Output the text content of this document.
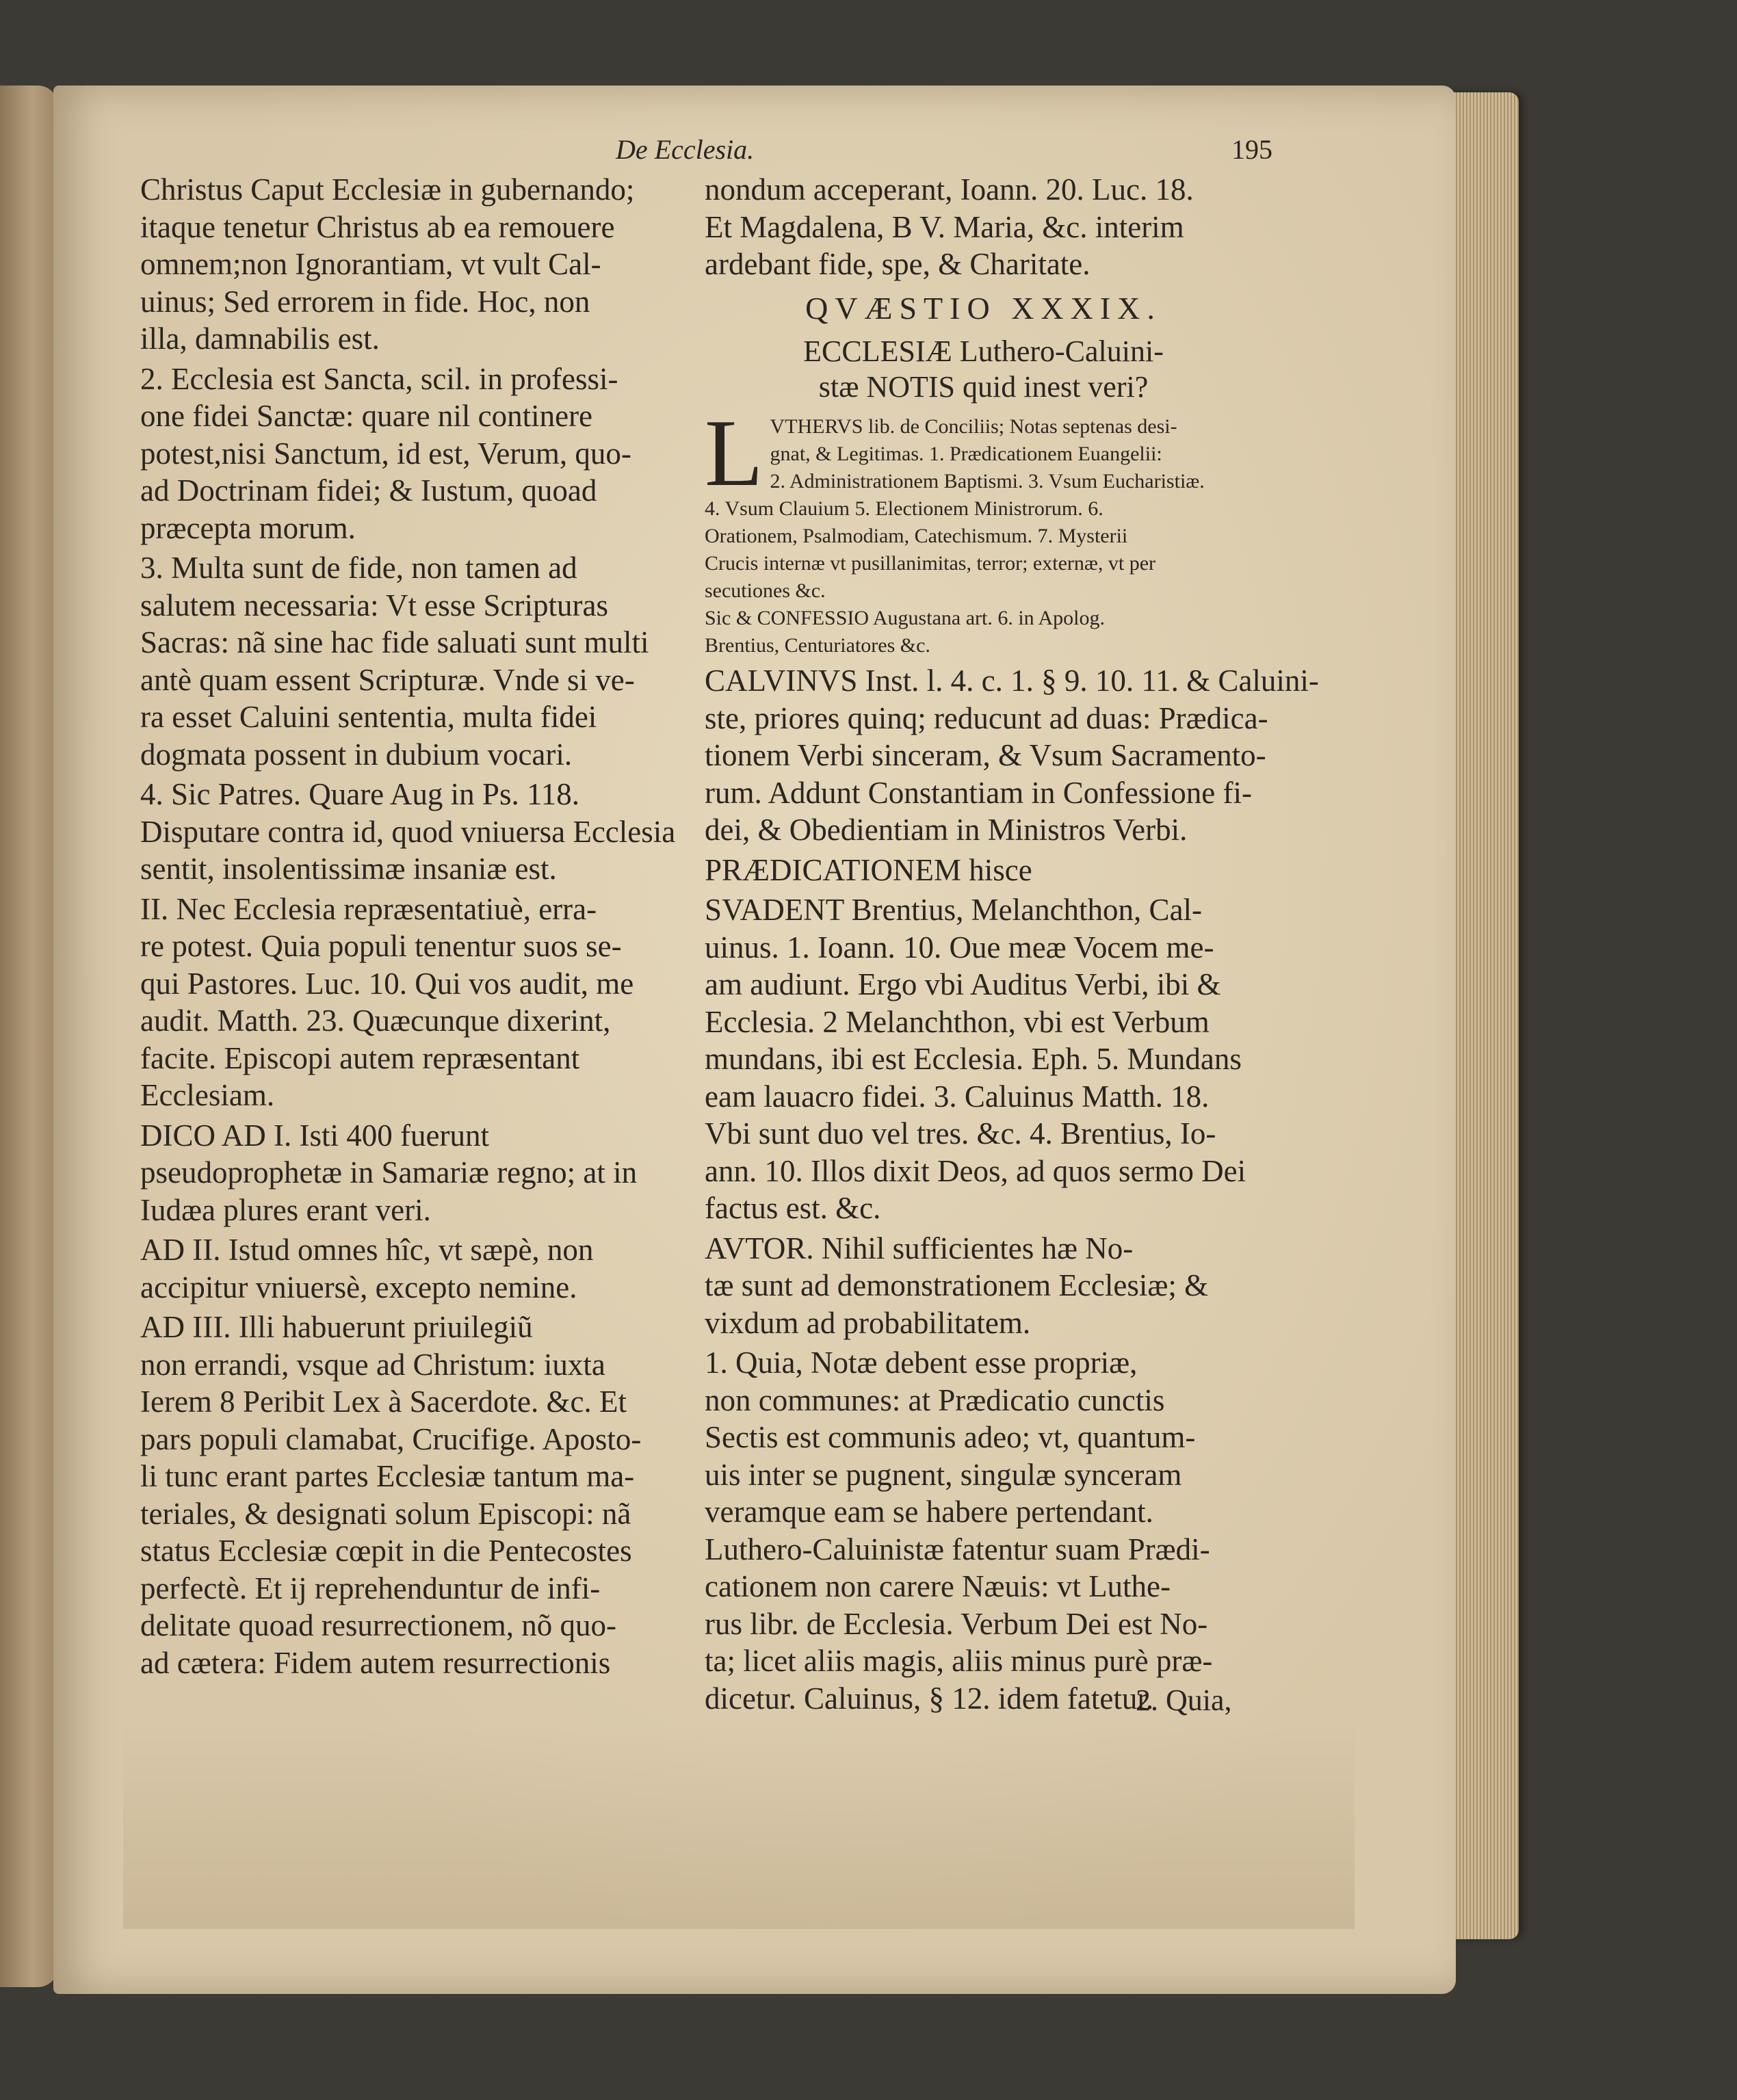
De Ecclesia.	195
Christus Caput Ecclesiæ in gubernando;
itaque tenetur Christus ab ea remouere
omnem;non Ignorantiam, vt vult Cal-
uinus; Sed errorem in fide. Hoc, non
illa, damnabilis est.
2. Ecclesia est Sancta, scil. in professi-
one fidei Sanctæ: quare nil continere
potest,nisi Sanctum, id est, Verum, quo-
ad Doctrinam fidei; & Iustum, quoad
præcepta morum.
3. Multa sunt de fide, non tamen ad
salutem necessaria: Vt esse Scripturas
Sacras: nã sine hac fide saluati sunt multi
antè quam essent Scripturæ. Vnde si ve-
ra esset Caluini sententia, multa fidei
dogmata possent in dubium vocari.
4. Sic Patres. Quare Aug in Ps. 118.
Disputare contra id, quod vniuersa Ecclesia
sentit, insolentissimæ insaniæ est.
II. Nec Ecclesia repræsentatiuè, erra-
re potest. Quia populi tenentur suos se-
qui Pastores. Luc. 10. Qui vos audit, me
audit. Matth. 23. Quæcunque dixerint,
facite. Episcopi autem repræsentant
Ecclesiam.
DICO AD I. Isti 400 fuerunt
pseudoprophetæ in Samariæ regno; at in
Iudæa plures erant veri.
AD II. Istud omnes hîc, vt sæpè, non
accipitur vniuersè, excepto nemine.
AD III. Illi habuerunt priuilegiũ
non errandi, vsque ad Christum: iuxta
Ierem 8 Peribit Lex à Sacerdote. &c. Et
pars populi clamabat, Crucifige. Aposto-
li tunc erant partes Ecclesiæ tantum ma-
teriales, & designati solum Episcopi: nã
status Ecclesiæ cœpit in die Pentecostes
perfectè. Et ij reprehenduntur de infi-
delitate quoad resurrectionem, nõ quo-
ad cætera: Fidem autem resurrectionis
nondum acceperant, Ioann. 20. Luc. 18.
Et Magdalena, B V. Maria, &c. interim
ardebant fide, spe, & Charitate.
QVÆSTIO XXXIX.
ECCLESIÆ Luthero-Caluini-
stæ NOTIS quid inest veri?
L VTHERVS lib. de Conciliis; Notas septenas desi-
gnat, & Legitimas. 1. Prædicationem Euangelii:
2. Administrationem Baptismi. 3. Vsum Eucharistiæ.
4. Vsum Clauium 5. Electionem Ministrorum. 6.
Orationem, Psalmodiam, Catechismum. 7. Mysterii
Crucis internæ vt pusillanimitas, terror; externæ, vt per
secutiones &c.
Sic & CONFESSIO Augustana art. 6. in Apolog.
Brentius, Centuriatores &c.
CALVINVS Inst. l. 4. c. 1. § 9. 10. 11. & Caluini-
ste, priores quinq; reducunt ad duas: Prædica-
tionem Verbi sinceram, & Vsum Sacramento-
rum. Addunt Constantiam in Confessione fi-
dei, & Obedientiam in Ministros Verbi.
PRÆDICATIONEM hisce
SVADENT Brentius, Melanchthon, Cal-
uinus. 1. Ioann. 10. Oue meæ Vocem me-
am audiunt. Ergo vbi Auditus Verbi, ibi &
Ecclesia. 2 Melanchthon, vbi est Verbum
mundans, ibi est Ecclesia. Eph. 5. Mundans
eam lauacro fidei. 3. Caluinus Matth. 18.
Vbi sunt duo vel tres. &c. 4. Brentius, Io-
ann. 10. Illos dixit Deos, ad quos sermo Dei
factus est. &c.
AVTOR. Nihil sufficientes hæ No-
tæ sunt ad demonstrationem Ecclesiæ; &
vixdum ad probabilitatem.
1. Quia, Notæ debent esse propriæ,
non communes: at Prædicatio cunctis
Sectis est communis adeo; vt, quantum-
uis inter se pugnent, singulæ synceram
veramque eam se habere pertendant.
Luthero-Caluinistæ fatentur suam Prædi-
cationem non carere Næuis: vt Luthe-
rus libr. de Ecclesia. Verbum Dei est No-
ta; licet aliis magis, aliis minus purè præ-
dicetur. Caluinus, § 12. idem fatetur.
2. Quia,
